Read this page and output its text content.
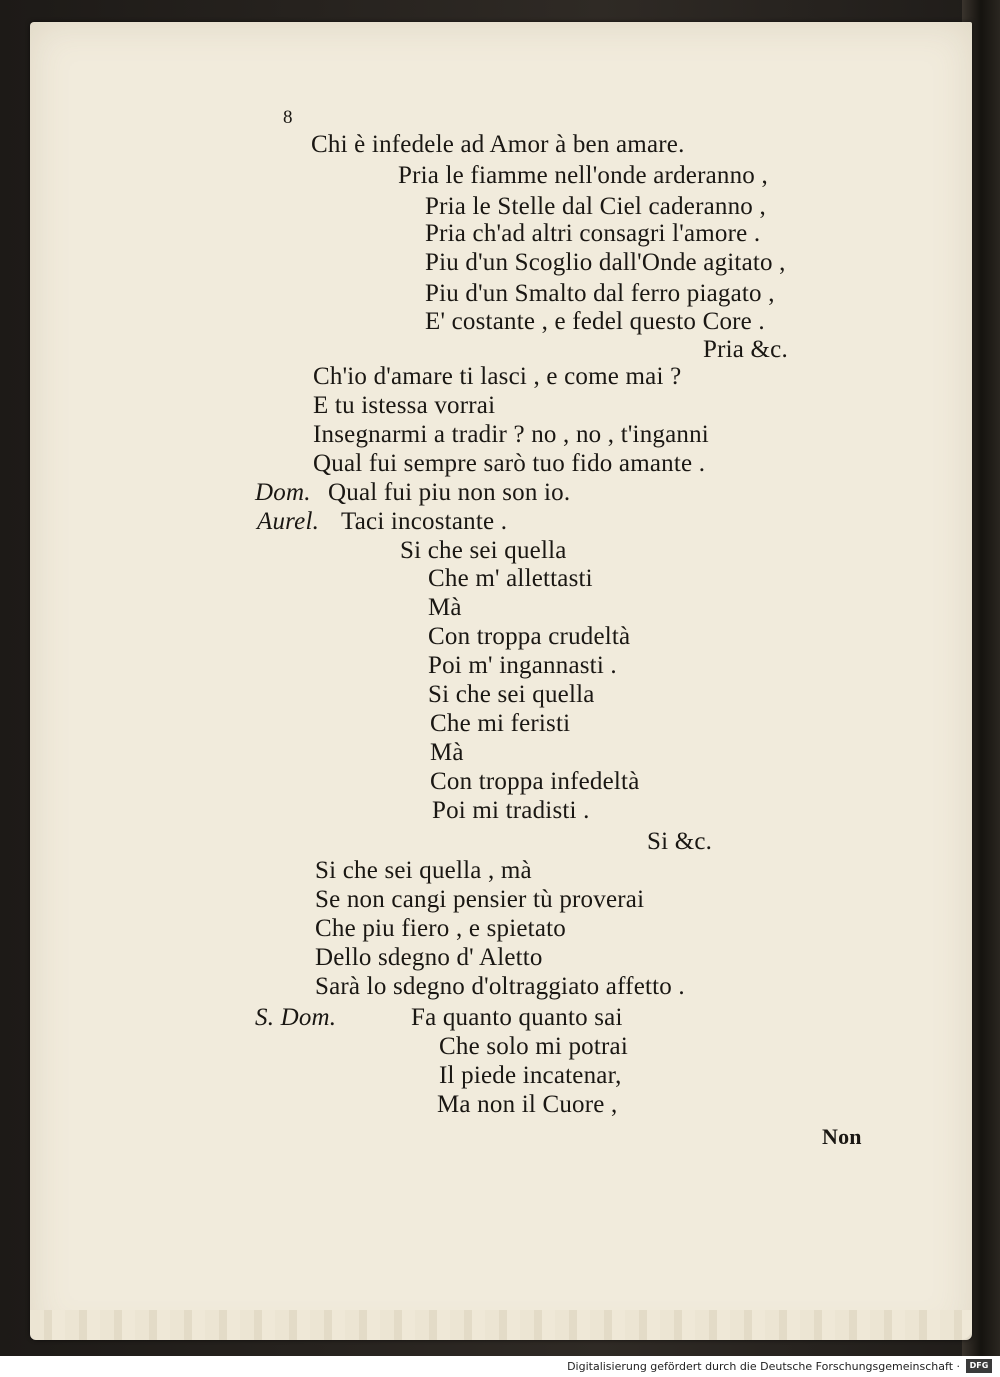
8
Chi è infedele ad Amor à ben amare.
Pria le fiamme nell'onde arderanno ,
Pria le Stelle dal Ciel caderanno ,
Pria ch'ad altri consagri l'amore .
Piu d'un Scoglio dall'Onde agitato ,
Piu d'un Smalto dal ferro piagato ,
E' costante , e fedel questo Core .
Pria &c.
Ch'io d'amare ti lasci , e come mai ?
E tu istessa vorrai
Insegnarmi a tradir ? no , no , t'inganni
Qual fui sempre sarò tuo fido amante .
Dom. Qual fui piu non son io.
Aurel. Taci incostante .
Si che sei quella
Che m' allettasti
Mà
Con troppa crudeltà
Poi m' ingannasti .
Si che sei quella
Che mi feristi
Mà
Con troppa infedeltà
Poi mi tradisti .
Si &c.
Si che sei quella , mà
Se non cangi pensier tù proverai
Che piu fiero , e spietato
Dello sdegno d' Aletto
Sarà lo sdegno d'oltraggiato affetto .
S. Dom.	Fa quanto quanto sai
Che solo mi potrai
Il piede incatenar,
Ma non il Cuore ,
Non
Digitalisierung gefördert durch die Deutsche Forschungsgemeinschaft ·	DFG
